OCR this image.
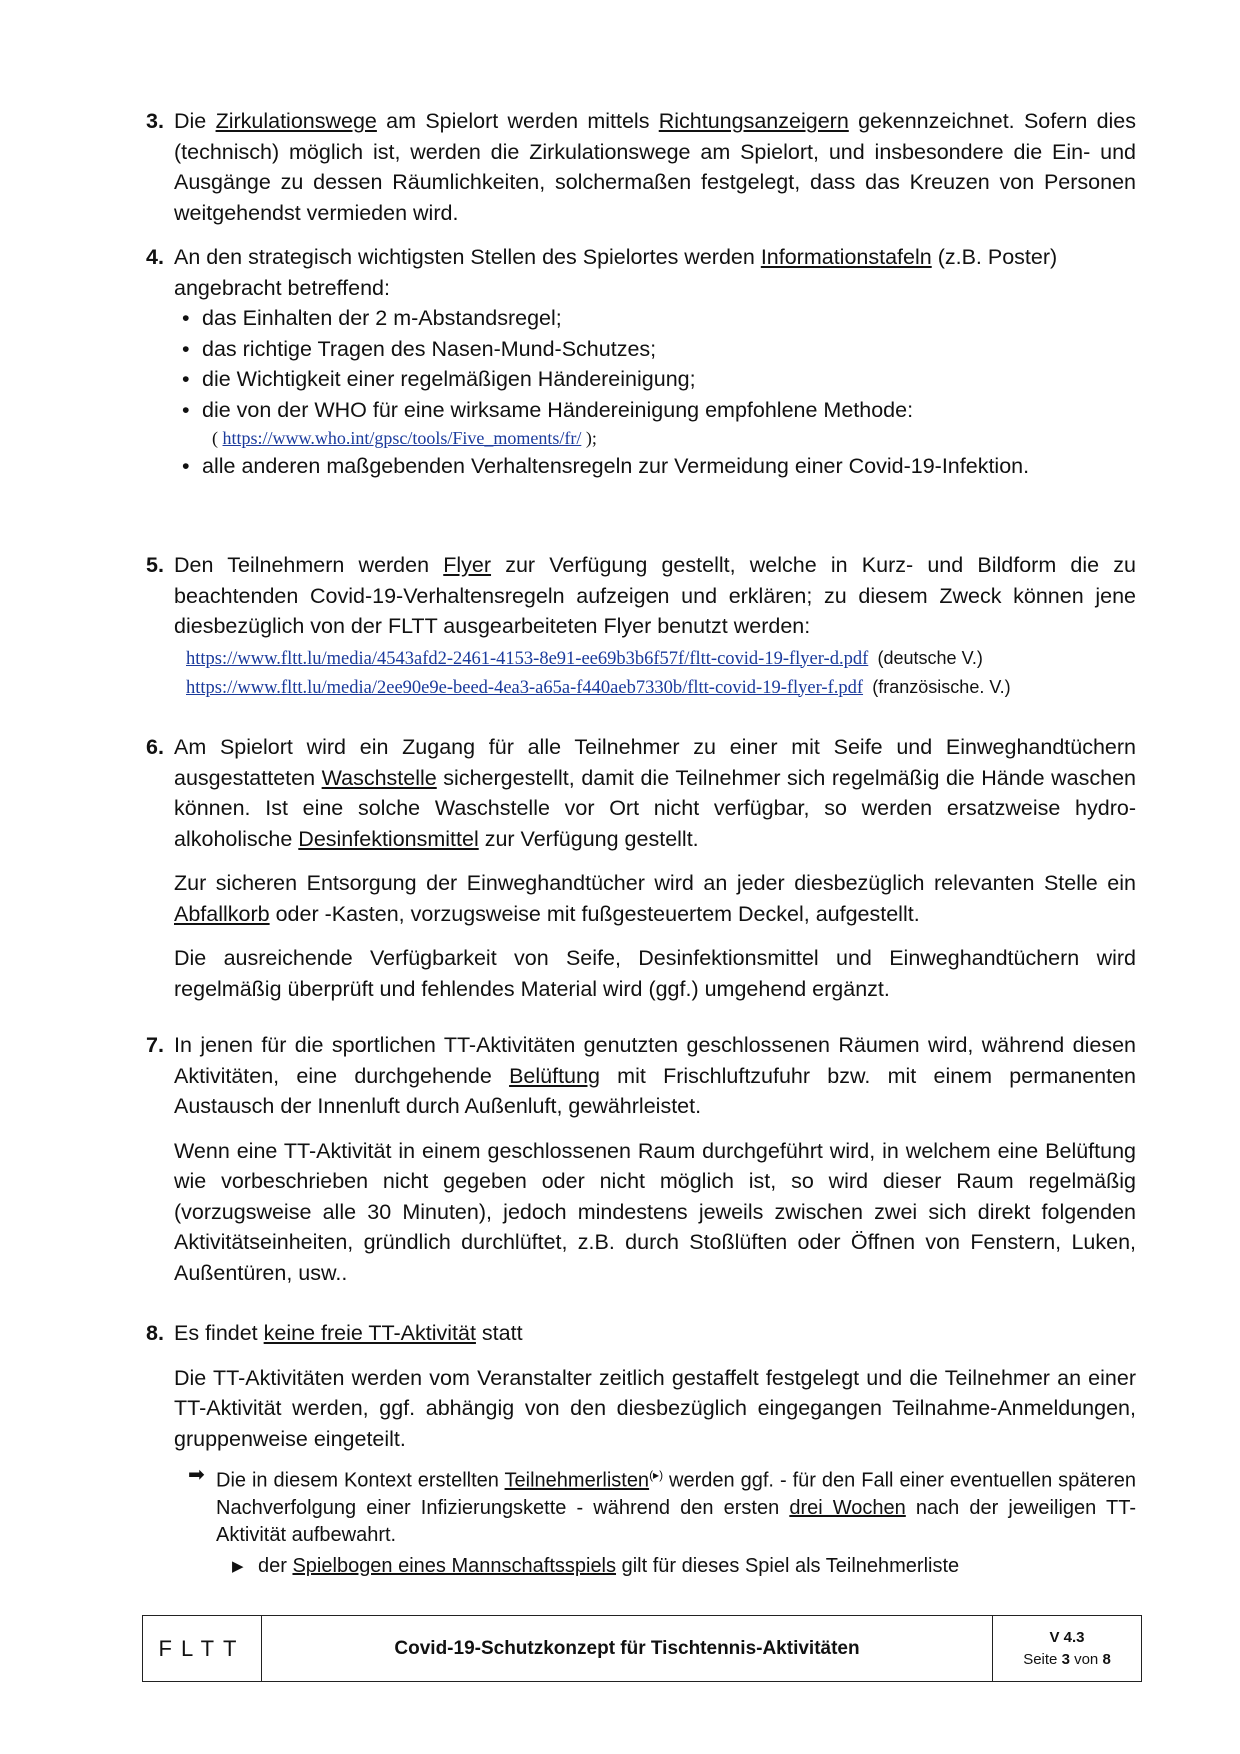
3. Die Zirkulationswege am Spielort werden mittels Richtungsanzeigern gekennzeichnet. Sofern dies (technisch) möglich ist, werden die Zirkulationswege am Spielort, und insbesondere die Ein- und Ausgänge zu dessen Räumlichkeiten, solchermaßen festgelegt, dass das Kreuzen von Personen weitgehendst vermieden wird.

4. An den strategisch wichtigsten Stellen des Spielortes werden Informationstafeln (z.B. Poster) angebracht betreffend:

• das Einhalten der 2 m-Abstandsregel;
• das richtige Tragen des Nasen-Mund-Schutzes;
• die Wichtigkeit einer regelmäßigen Händereinigung;
• die von der WHO für eine wirksame Händereinigung empfohlene Methode:
( https://www.who.int/gpsc/tools/Five_moments/fr/ );
• alle anderen maßgebenden Verhaltensregeln zur Vermeidung einer Covid-19-Infektion.
5. Den Teilnehmern werden Flyer zur Verfügung gestellt, welche in Kurz- und Bildform die zu beachtenden Covid-19-Verhaltensregeln aufzeigen und erklären; zu diesem Zweck können jene diesbezüglich von der FLTT ausgearbeiteten Flyer benutzt werden:

https://www.fltt.lu/media/4543afd2-2461-4153-8e91-ee69b3b6f57f/fltt-covid-19-flyer-d.pdf (deutsche V.)
https://www.fltt.lu/media/2ee90e9e-beed-4ea3-a65a-f440aeb7330b/fltt-covid-19-flyer-f.pdf (französische. V.)
6. Am Spielort wird ein Zugang für alle Teilnehmer zu einer mit Seife und Einweghandtüchern ausgestatteten Waschstelle sichergestellt, damit die Teilnehmer sich regelmäßig die Hände waschen können. Ist eine solche Waschstelle vor Ort nicht verfügbar, so werden ersatzweise hydro-alkoholische Desinfektionsmittel zur Verfügung gestellt.

Zur sicheren Entsorgung der Einweghandtücher wird an jeder diesbezüglich relevanten Stelle ein Abfallkorb oder -Kasten, vorzugsweise mit fußgesteuertem Deckel, aufgestellt.

Die ausreichende Verfügbarkeit von Seife, Desinfektionsmittel und Einweghandtüchern wird regelmäßig überprüft und fehlendes Material wird (ggf.) umgehend ergänzt.

7. In jenen für die sportlichen TT-Aktivitäten genutzten geschlossenen Räumen wird, während diesen Aktivitäten, eine durchgehende Belüftung mit Frischluftzufuhr bzw. mit einem permanenten Austausch der Innenluft durch Außenluft, gewährleistet.

Wenn eine TT-Aktivität in einem geschlossenen Raum durchgeführt wird, in welchem eine Belüftung wie vorbeschrieben nicht gegeben oder nicht möglich ist, so wird dieser Raum regelmäßig (vorzugsweise alle 30 Minuten), jedoch mindestens jeweils zwischen zwei sich direkt folgenden Aktivitätseinheiten, gründlich durchlüftet, z.B. durch Stoßlüften oder Öffnen von Fenstern, Luken, Außentüren, usw..

8. Es findet keine freie TT-Aktivität statt

Die TT-Aktivitäten werden vom Veranstalter zeitlich gestaffelt festgelegt und die Teilnehmer an einer TT-Aktivität werden, ggf. abhängig von den diesbezüglich eingegangen Teilnahme-Anmeldungen, gruppenweise eingeteilt.

➡ Die in diesem Kontext erstellten Teilnehmerlisten(▸) werden ggf. - für den Fall einer eventuellen späteren Nachverfolgung einer Infizierungskette - während den ersten drei Wochen nach der jeweiligen TT-Aktivität aufbewahrt.
▶ der Spielbogen eines Mannschaftsspiels gilt für dieses Spiel als Teilnehmerliste
FLTT	Covid-19-Schutzkonzept für Tischtennis-Aktivitäten
V 4.3
Seite 3 von 8
